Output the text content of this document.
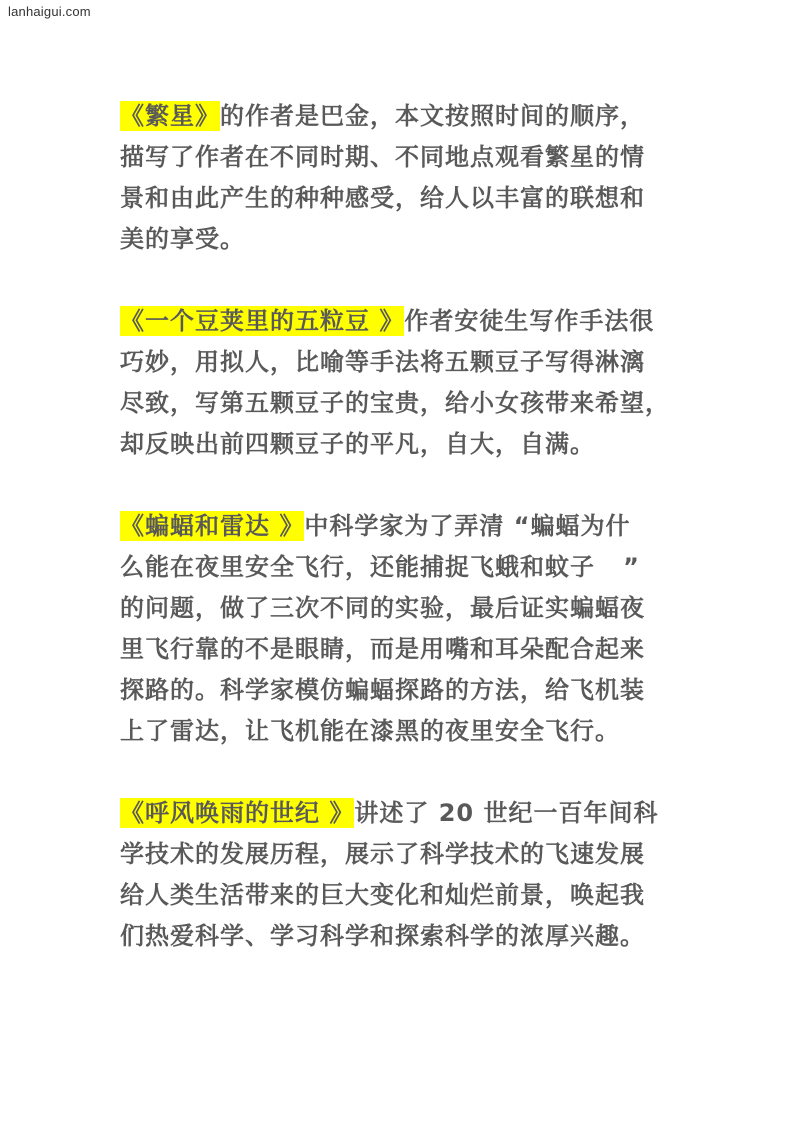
lanhaigui.com

《繁星》的作者是巴金，本文按照时间的顺序，
描写了作者在不同时期、不同地点观看繁星的情
景和由此产生的种种感受，给人以丰富的联想和
美的享受。

《一个豆荚里的五粒豆 》作者安徒生写作手法很
巧妙，用拟人，比喻等手法将五颗豆子写得淋漓
尽致，写第五颗豆子的宝贵，给小女孩带来希望，
却反映出前四颗豆子的平凡，自大，自满。

《蝙蝠和雷达 》中科学家为了弄清 “蝙蝠为什
么能在夜里安全飞行，还能捕捉飞蛾和蚊子   ”
的问题，做了三次不同的实验，最后证实蝙蝠夜
里飞行靠的不是眼睛，而是用嘴和耳朵配合起来
探路的。科学家模仿蝙蝠探路的方法，给飞机装
上了雷达，让飞机能在漆黑的夜里安全飞行。

《呼风唤雨的世纪 》讲述了 20 世纪一百年间科
学技术的发展历程，展示了科学技术的飞速发展
给人类生活带来的巨大变化和灿烂前景，唤起我
们热爱科学、学习科学和探索科学的浓厚兴趣。
